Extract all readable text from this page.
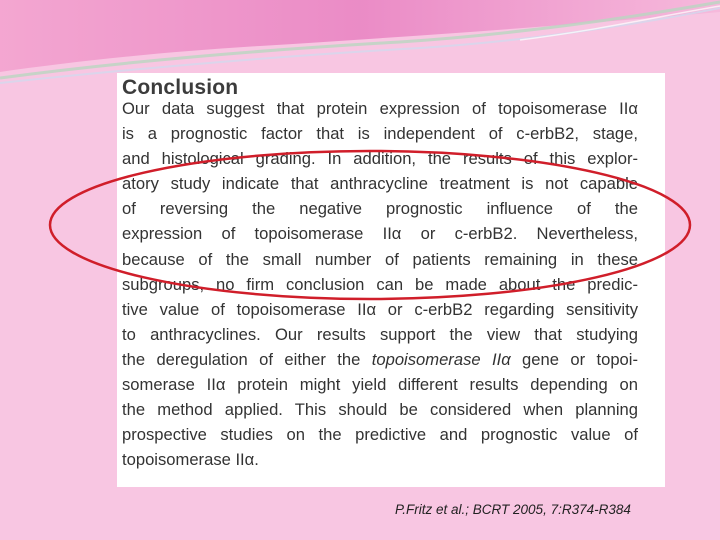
Conclusion
Our data suggest that protein expression of topoisomerase IIα
is a prognostic factor that is independent of c-erbB2, stage,
and histological grading. In addition, the results of this explor-
atory study indicate that anthracycline treatment is not capable
of reversing the negative prognostic influence of the
expression of topoisomerase IIα or c-erbB2. Nevertheless,
because of the small number of patients remaining in these
subgroups, no firm conclusion can be made about the predic-
tive value of topoisomerase IIα or c-erbB2 regarding sensitivity
to anthracyclines. Our results support the view that studying
the deregulation of either the topoisomerase IIα gene or topoi-
somerase IIα protein might yield different results depending on
the method applied. This should be considered when planning
prospective studies on the predictive and prognostic value of
topoisomerase IIα.
P.Fritz et al.; BCRT 2005, 7:R374-R384
